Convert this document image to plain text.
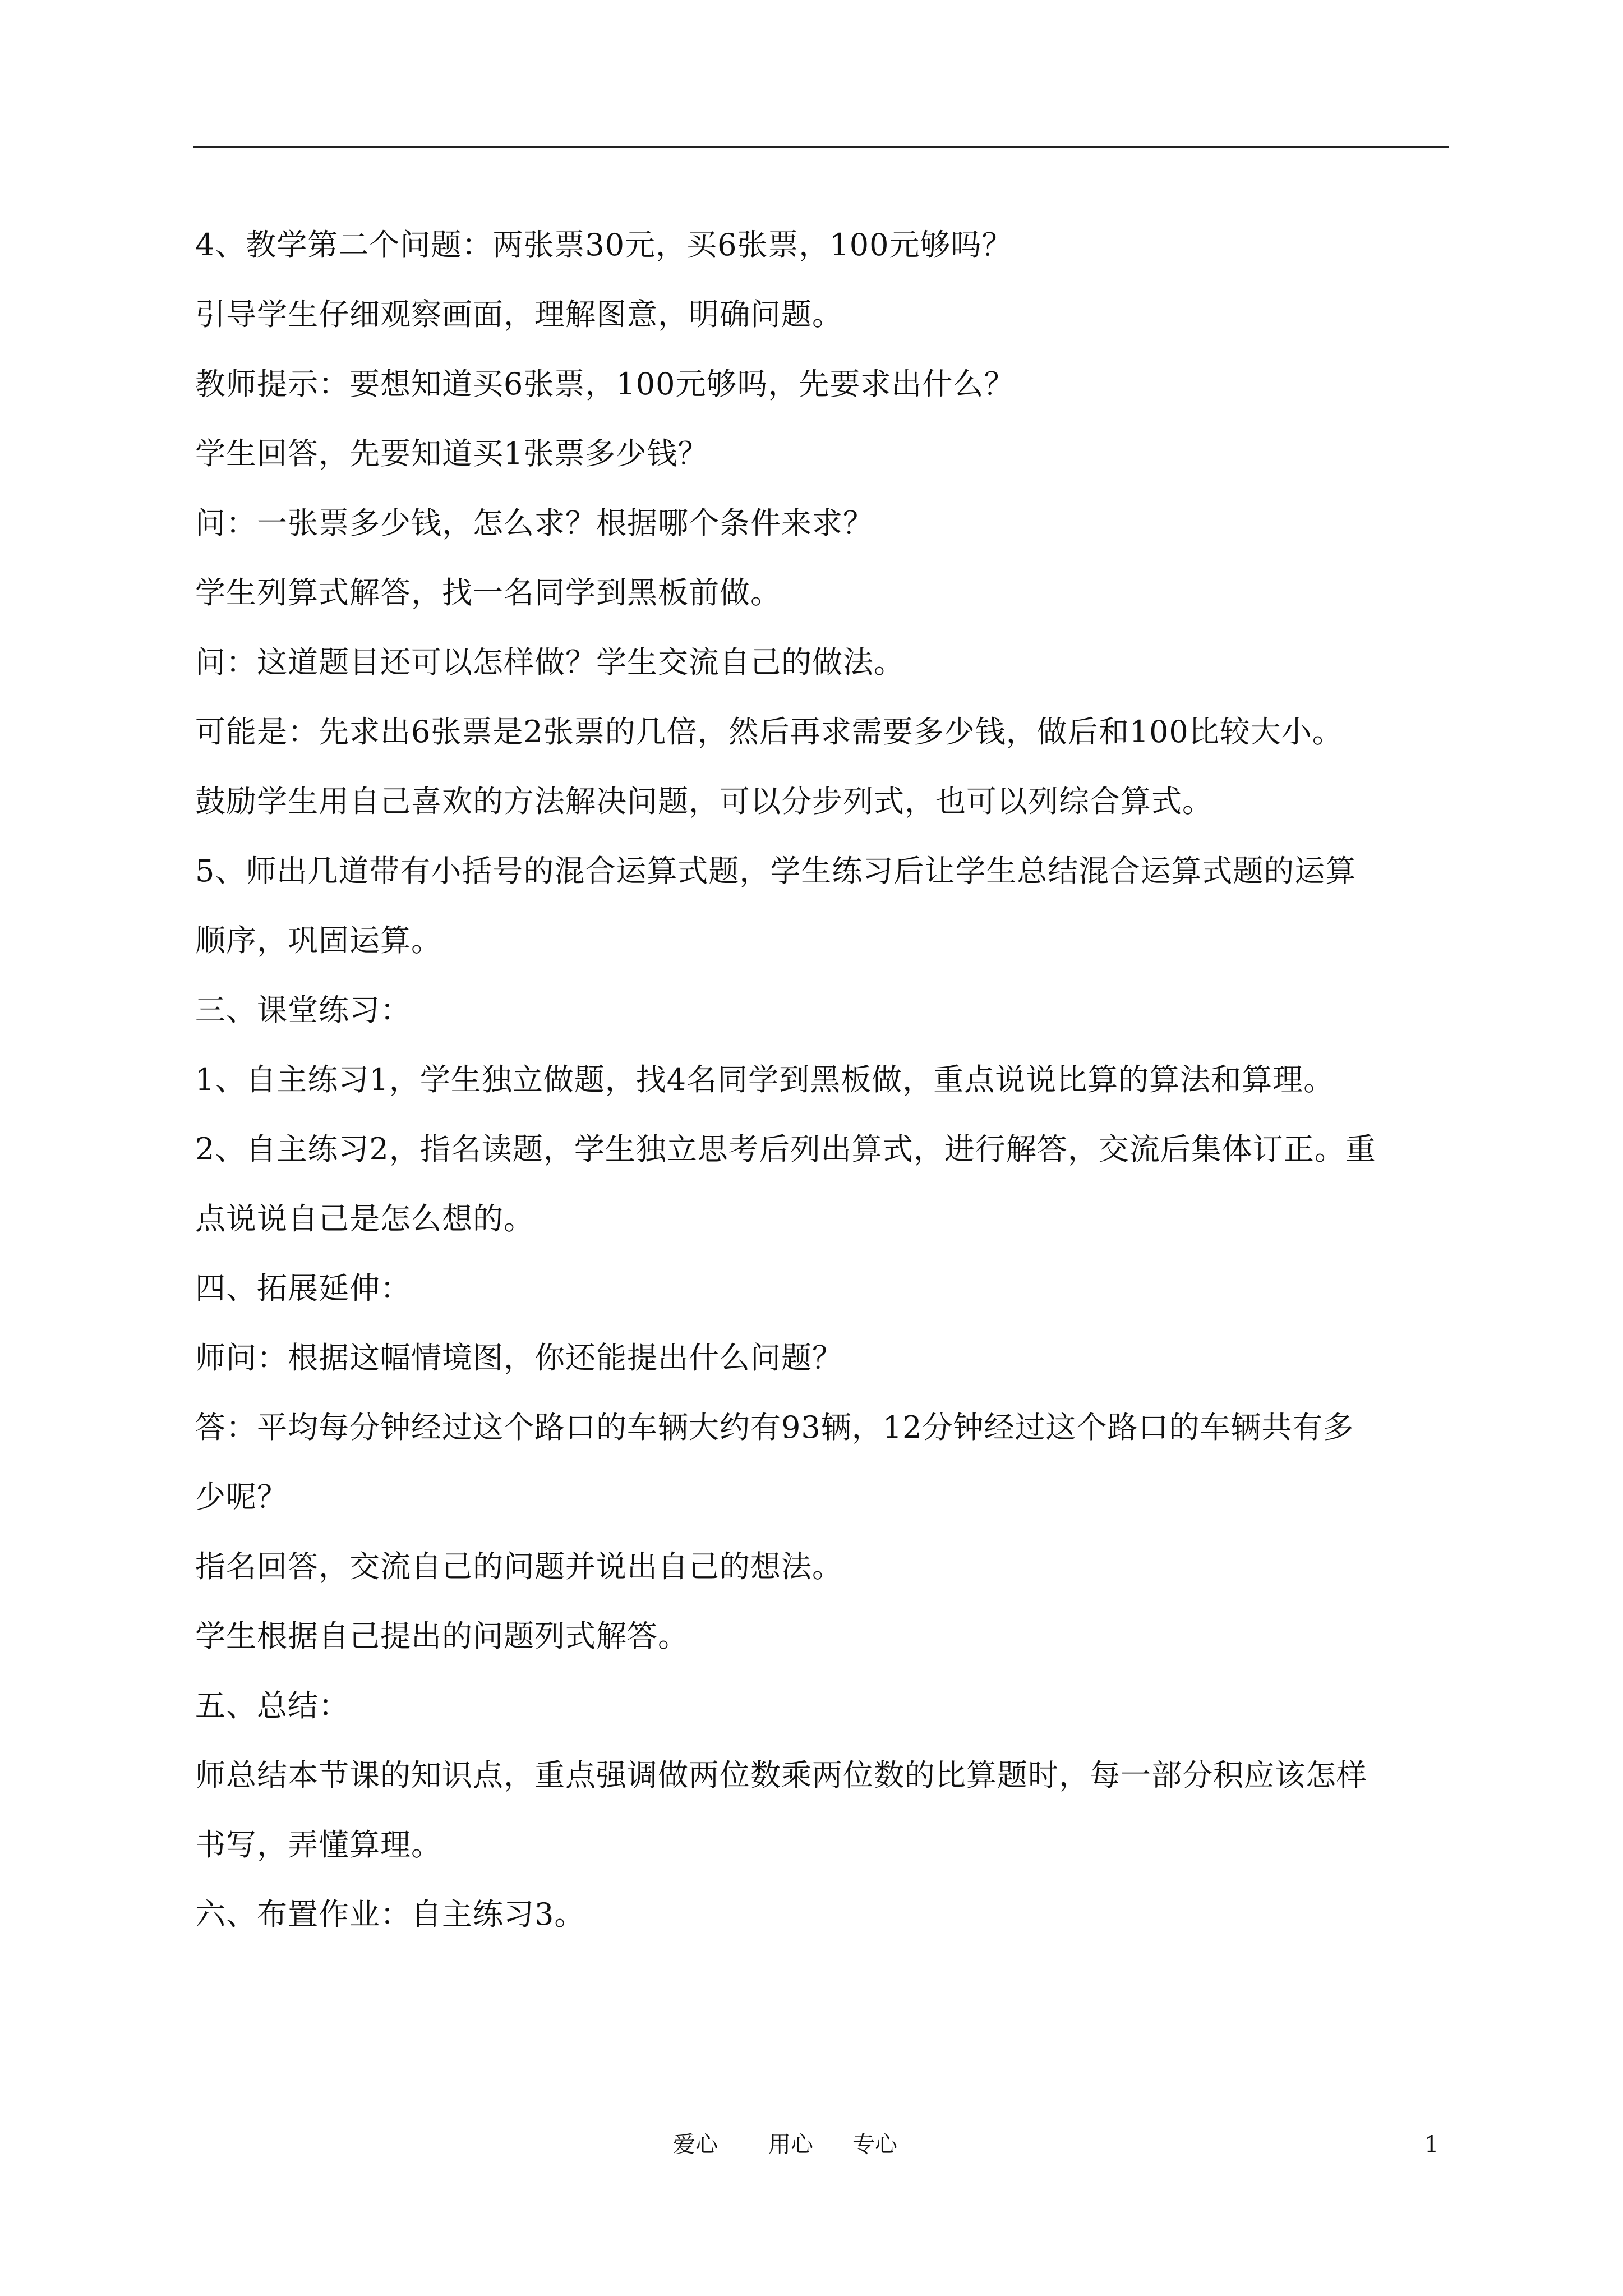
4、教学第二个问题：两张票30元，买6张票，100元够吗？

引导学生仔细观察画面，理解图意，明确问题。

教师提示：要想知道买6张票，100元够吗，先要求出什么？

学生回答，先要知道买1张票多少钱？

问：一张票多少钱，怎么求？根据哪个条件来求？

学生列算式解答，找一名同学到黑板前做。

问：这道题目还可以怎样做？学生交流自己的做法。

可能是：先求出6张票是2张票的几倍，然后再求需要多少钱，做后和100比较大小。

鼓励学生用自己喜欢的方法解决问题，可以分步列式，也可以列综合算式。

5、师出几道带有小括号的混合运算式题，学生练习后让学生总结混合运算式题的运算

顺序，巩固运算。

三、课堂练习：

1、自主练习1，学生独立做题，找4名同学到黑板做，重点说说比算的算法和算理。

2、自主练习2，指名读题，学生独立思考后列出算式，进行解答，交流后集体订正。重

点说说自己是怎么想的。

四、拓展延伸：

师问：根据这幅情境图，你还能提出什么问题？

答：平均每分钟经过这个路口的车辆大约有93辆，12分钟经过这个路口的车辆共有多

少呢？

指名回答，交流自己的问题并说出自己的想法。

学生根据自己提出的问题列式解答。

五、总结：

师总结本节课的知识点，重点强调做两位数乘两位数的比算题时，每一部分积应该怎样

书写，弄懂算理。

六、布置作业：自主练习3。

爱心 用心 专心	1
